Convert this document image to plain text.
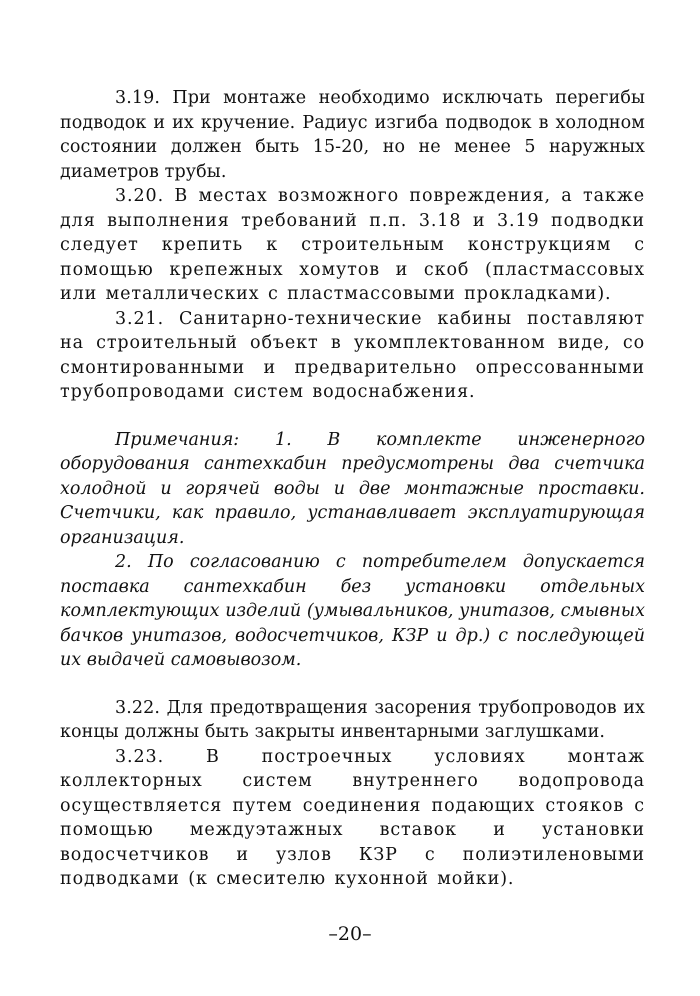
3.19. При монтаже необходимо исключать перегибы подводок и их кручение. Радиус изгиба подводок в холодном состоянии должен быть 15-20, но не менее 5 наружных диаметров трубы.

3.20. В местах возможного повреждения, а также для выполнения требований п.п. 3.18 и 3.19 подводки следует крепить к строительным конструкциям с помощью крепежных хомутов и скоб (пластмассовых или металлических с пластмассовыми прокладками).

3.21. Санитарно-технические кабины поставляют на строительный объект в укомплектованном виде, со смонтированными и предварительно опрессованными трубопроводами систем водоснабжения.

Примечания: 1. В комплекте инженерного оборудования сантехкабин предусмотрены два счетчика холодной и горячей воды и две монтажные проставки. Счетчики, как правило, устанавливает эксплуатирующая организация.

2. По согласованию с потребителем допускается поставка сантехкабин без установки отдельных комплектующих изделий (умывальников, унитазов, смывных бачков унитазов, водосчетчиков, КЗР и др.) с последующей их выдачей самовывозом.

3.22. Для предотвращения засорения трубопроводов их концы должны быть закрыты инвентарными заглушками.

3.23. В построечных условиях монтаж коллекторных систем внутреннего водопровода осуществляется путем соединения подающих стояков с помощью междуэтажных вставок и установки водосчетчиков и узлов КЗР с полиэтиленовыми подводками (к смесителю кухонной мойки).

–20–
